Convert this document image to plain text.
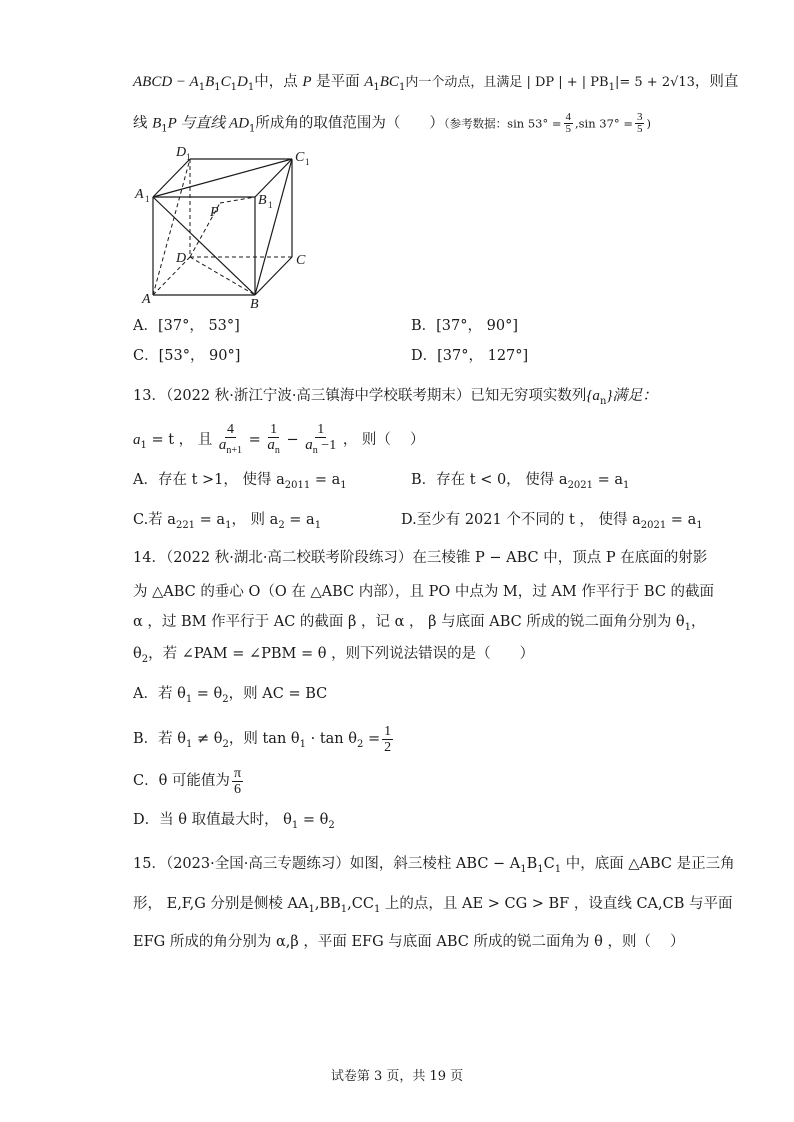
ABCD − $A_1B_1C_1D_1$中，点 P 是平面 $A_1BC_1$内一个动点，且满足 | DP | + | $PB_1|= 5 + 2√13$，则直
线 $B_1P$ 与直线 $AD_1$所成角的取值范围为（　　）（参考数据：$\sin 53^\circ = \frac{4}{5} ,\sin$ $37^\circ = \frac{3}{5}$ )
D 1	C 1
A 1	B 1
P
D	C
A	B
A．[37°， 53°]	B．[37°， 90°]
C．[53°， 90°]	D．[37°， 127°]
13．（2022 秋·浙江宁波·高三镇海中学校联考期末）已知无穷项实数列$\{a_n\}$满足：
$a_1 = t$ ， 且 $\frac{4}{a_{n+1}} = \frac{1}{a_n} - \frac{1}{a_n -1}$ ， 则（　 ）
A．存在 t >1， 使得 $a_{2011} = a_1$	B．存在 t < 0， 使得 $a_{2021} = a_1$
C.若 $a_{221} = a_1$， 则 $a_2 = a_1$	D.至少有 2021 个不同的 t ， 使得 $a_{2021} = a_1$
14．（2022 秋·湖北·高二校联考阶段练习）在三棱锥 P − ABC 中，顶点 P 在底面的射影
为 △ABC 的垂心 O（O 在 △ABC 内部），且 PO 中点为 M，过 AM 作平行于 BC 的截面
α ，过 BM 作平行于 AC 的截面 β ，记 α ， β 与底面 ABC 所成的锐二面角分别为 $\theta_1$，
$\theta_2$，若 ∠PAM = ∠PBM = θ ，则下列说法错误的是（　　）
A．若 $\theta_1 = \theta_2$，则 AC = BC
B．若 $\theta_1 \ne \theta_2$，则 $\tan \theta_1 \cdot \tan \theta_2 = \frac{1}{2}$
C．θ 可能值为 $\frac{\pi}{6}$
D．当 θ 取值最大时， $\theta_1 = \theta_2$
15．（2023·全国·高三专题练习）如图，斜三棱柱 ABC − $A_1B_1C_1$ 中，底面 △ABC 是正三角
形， E,F,G 分别是侧棱 $AA_1,BB_1,CC_1$ 上的点，且 AE > CG > BF ，设直线 CA,CB 与平面
EFG 所成的角分别为 α,β ，平面 EFG 与底面 ABC 所成的锐二面角为 θ ，则（　 ）
试卷第 3 页，共 19 页
